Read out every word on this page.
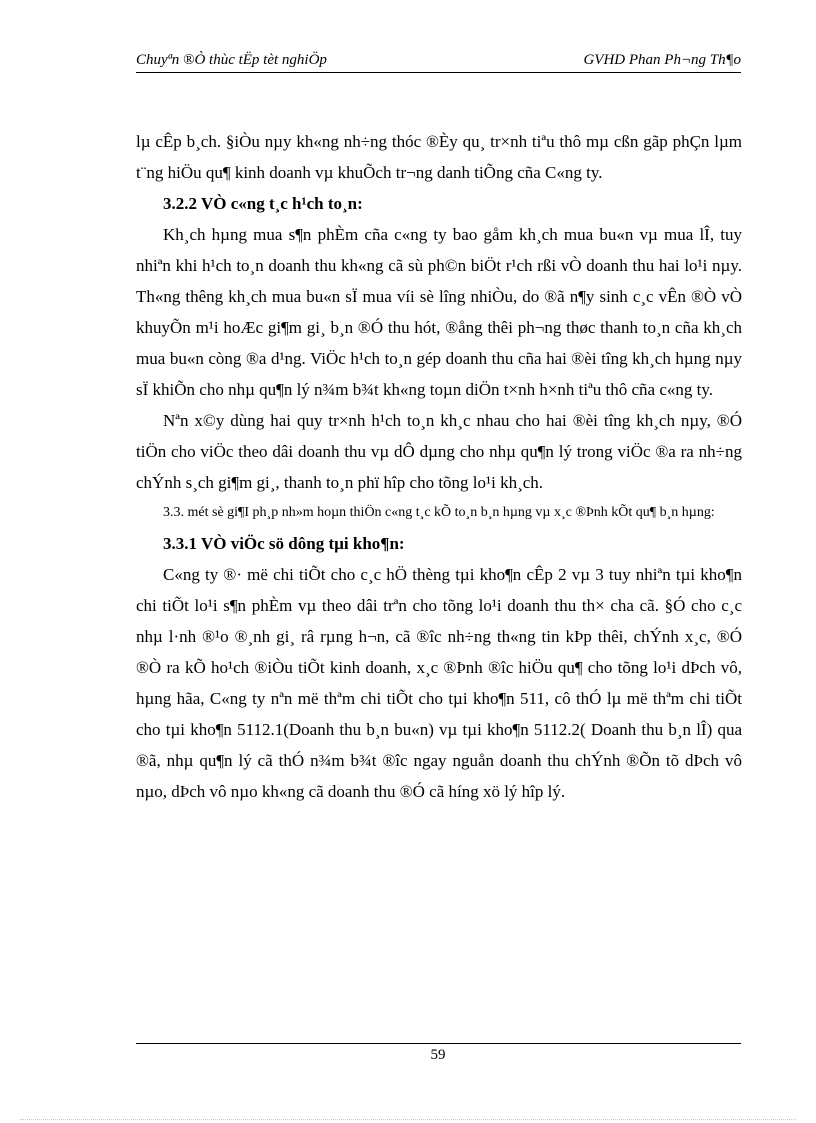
Chuyªn ®Ò thùc tËp tèt nghiÖp	GVHD Phan Ph¬ng Th¶o

lµ cÊp b¸ch. §iÒu nµy kh«ng nh÷ng thóc ®Èy qu¸ tr×nh tiªu thô mµ cßn gãp phÇn lµm t¨ng hiÖu qu¶ kinh doanh vµ khuÕch tr¬ng danh tiÕng cña C«ng ty.

3.2.2 VÒ c«ng t¸c h¹ch to¸n:

Kh¸ch hµng mua s¶n phÈm cña c«ng ty bao gåm kh¸ch mua bu«n vµ mua lÎ, tuy nhiªn khi h¹ch to¸n doanh thu kh«ng cã sù ph©n biÖt r¹ch rßi vÒ doanh thu hai lo¹i nµy. Th«ng thêng kh¸ch mua bu«n sÏ mua víi sè lîng nhiÒu, do ®ã n¶y sinh c¸c vÊn ®Ò vÒ khuyÕn m¹i hoÆc gi¶m gi¸ b¸n ®Ó thu hót, ®ång thêi ph¬ng thøc thanh to¸n cña kh¸ch mua bu«n còng ®a d¹ng. ViÖc h¹ch to¸n gép doanh thu cña hai ®èi tîng kh¸ch hµng nµy sÏ khiÕn cho nhµ qu¶n lý n¾m b¾t kh«ng toµn diÖn t×nh h×nh tiªu thô cña c«ng ty.

Nªn x©y dùng hai quy tr×nh h¹ch to¸n kh¸c nhau cho hai ®èi tîng kh¸ch nµy, ®Ó tiÖn cho viÖc theo dâi doanh thu vµ dÔ dµng cho nhµ qu¶n lý trong viÖc ®a ra nh÷ng chÝnh s¸ch gi¶m gi¸, thanh to¸n phï hîp cho tõng lo¹i kh¸ch.

3.3. mét sè gi¶I ph¸p nh»m hoµn thiÖn c«ng t¸c kÕ to¸n b¸n hµng vµ x¸c ®Þnh kÕt qu¶ b¸n hµng:

3.3.1 VÒ viÖc sö dông tµi kho¶n:

C«ng ty ®· më chi tiÕt cho c¸c hÖ thèng tµi kho¶n cÊp 2 vµ 3 tuy nhiªn tµi kho¶n chi tiÕt lo¹i s¶n phÈm vµ theo dâi trªn cho tõng lo¹i doanh thu th× cha cã. §Ó cho c¸c nhµ l·nh ®¹o ®¸nh gi¸ râ rµng h¬n, cã ®îc nh÷ng th«ng tin kÞp thêi, chÝnh x¸c, ®Ó ®Ò ra kÕ ho¹ch ®iÒu tiÕt kinh doanh, x¸c ®Þnh ®îc hiÖu qu¶ cho tõng lo¹i dÞch vô, hµng hãa, C«ng ty nªn më thªm chi tiÕt cho tµi kho¶n 511, cô thÓ lµ më thªm chi tiÕt cho tµi kho¶n 5112.1(Doanh thu b¸n bu«n) vµ tµi kho¶n 5112.2( Doanh thu b¸n lÎ) qua ®ã, nhµ qu¶n lý cã thÓ n¾m b¾t ®îc ngay nguån doanh thu chÝnh ®Õn tõ dÞch vô nµo, dÞch vô nµo kh«ng cã doanh thu ®Ó cã híng xö lý hîp lý.

59
